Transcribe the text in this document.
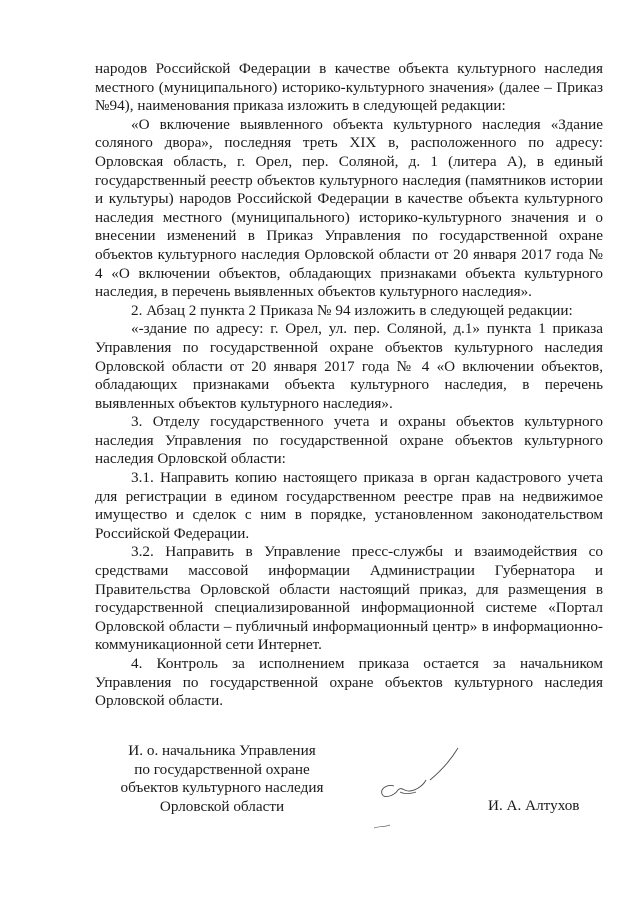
народов Российской Федерации в качестве объекта культурного наследия местного (муниципального) историко-культурного значения» (далее – Приказ №94), наименования приказа изложить в следующей редакции:

«О включение выявленного объекта культурного наследия «Здание соляного двора», последняя треть XIX в, расположенного по адресу: Орловская область, г. Орел, пер. Соляной, д. 1 (литера А), в единый государственный реестр объектов культурного наследия (памятников истории и культуры) народов Российской Федерации в качестве объекта культурного наследия местного (муниципального) историко-культурного значения и о внесении изменений в Приказ Управления по государственной охране объектов культурного наследия Орловской области от 20 января 2017 года № 4 «О включении объектов, обладающих признаками объекта культурного наследия, в перечень выявленных объектов культурного наследия».

2. Абзац 2 пункта 2 Приказа № 94 изложить в следующей редакции:

«-здание по адресу: г. Орел, ул. пер. Соляной, д.1» пункта 1 приказа Управления по государственной охране объектов культурного наследия Орловской области от 20 января 2017 года № 4 «О включении объектов, обладающих признаками объекта культурного наследия, в перечень выявленных объектов культурного наследия».

3. Отделу государственного учета и охраны объектов культурного наследия Управления по государственной охране объектов культурного наследия Орловской области:

3.1. Направить копию настоящего приказа в орган кадастрового учета для регистрации в едином государственном реестре прав на недвижимое имущество и сделок с ним в порядке, установленном законодательством Российской Федерации.

3.2. Направить в Управление пресс-службы и взаимодействия со средствами массовой информации Администрации Губернатора и Правительства Орловской области настоящий приказ, для размещения в государственной специализированной информационной системе «Портал Орловской области – публичный информационный центр» в информационно-коммуникационной сети Интернет.

4. Контроль за исполнением приказа остается за начальником Управления по государственной охране объектов культурного наследия Орловской области.

И. о. начальника Управления
по государственной охране
объектов культурного наследия
Орловской области	И. А. Алтухов
